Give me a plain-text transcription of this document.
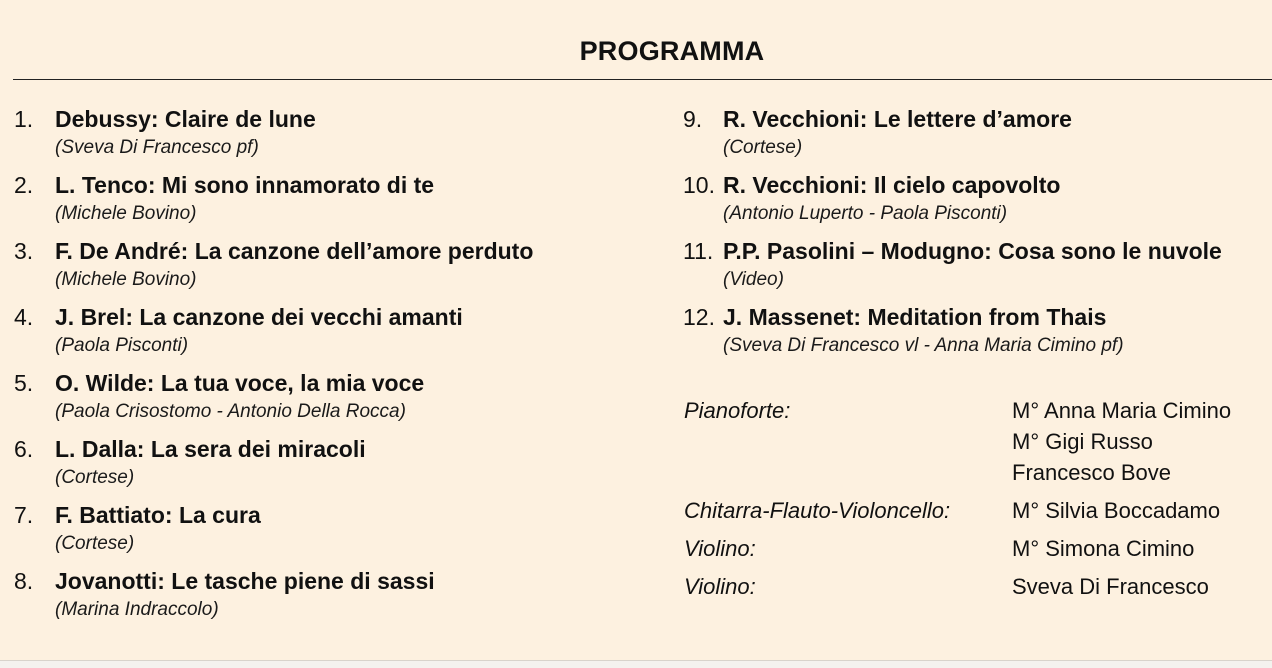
PROGRAMMA
1. Debussy: Claire de lune
(Sveva Di Francesco pf)
2. L. Tenco: Mi sono innamorato di te
(Michele Bovino)
3. F. De André: La canzone dell’amore perduto
(Michele Bovino)
4. J. Brel: La canzone dei vecchi amanti
(Paola Pisconti)
5. O. Wilde: La tua voce, la mia voce
(Paola Crisostomo - Antonio Della Rocca)
6. L. Dalla: La sera dei miracoli
(Cortese)
7. F. Battiato: La cura
(Cortese)
8. Jovanotti: Le tasche piene di sassi
(Marina Indraccolo)
9. R. Vecchioni: Le lettere d’amore
(Cortese)
10. R. Vecchioni: Il cielo capovolto
(Antonio Luperto - Paola Pisconti)
11. P.P. Pasolini – Modugno: Cosa sono le nuvole
(Video)
12. J. Massenet: Meditation from Thais
(Sveva Di Francesco vl - Anna Maria Cimino pf)
Pianoforte:	M° Anna Maria Cimino
M° Gigi Russo
Francesco Bove
Chitarra-Flauto-Violoncello:	M° Silvia Boccadamo
Violino:	M° Simona Cimino
Violino:	Sveva Di Francesco
